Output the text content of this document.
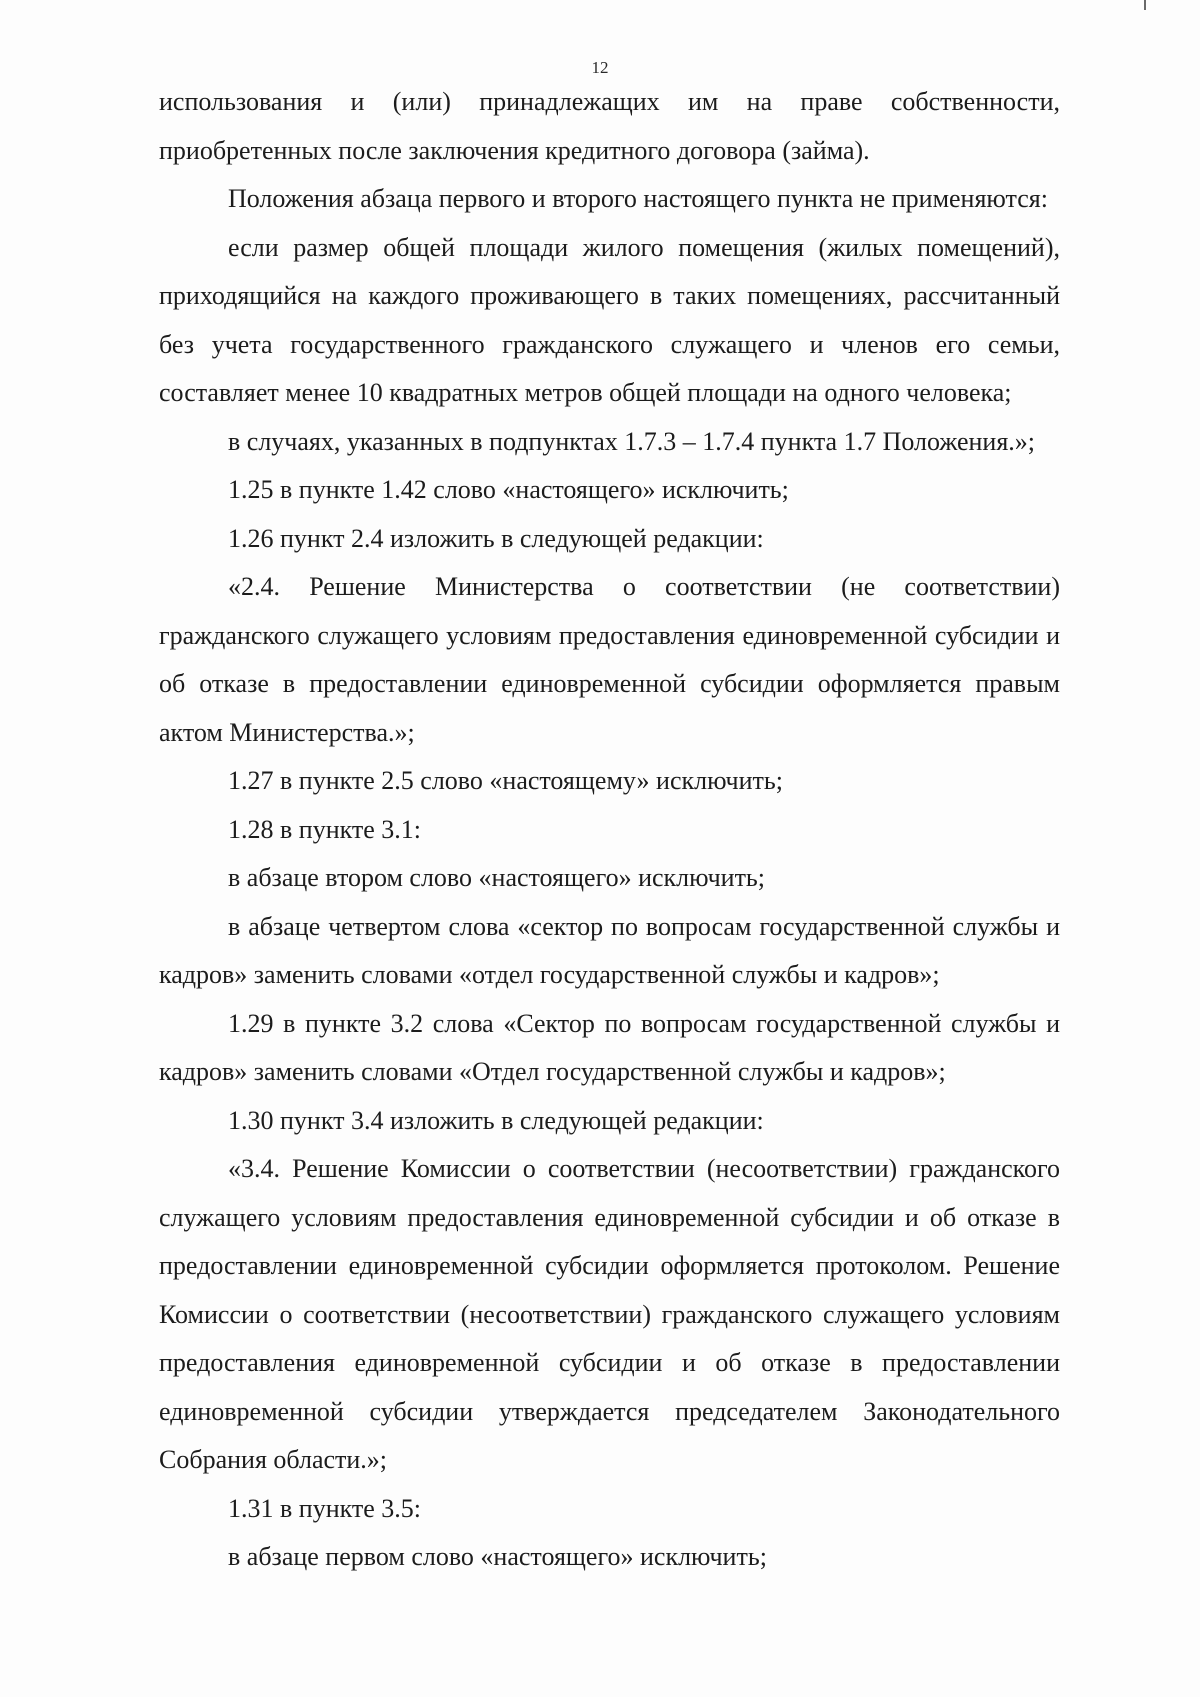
12

использования и (или) принадлежащих им на праве собственности, приобретенных после заключения кредитного договора (займа).

Положения абзаца первого и второго настоящего пункта не применяются:

если размер общей площади жилого помещения (жилых помещений), приходящийся на каждого проживающего в таких помещениях, рассчитанный без учета государственного гражданского служащего и членов его семьи, составляет менее 10 квадратных метров общей площади на одного человека;

в случаях, указанных в подпунктах 1.7.3 – 1.7.4 пункта 1.7 Положения.»;

1.25 в пункте 1.42 слово «настоящего» исключить;

1.26 пункт 2.4 изложить в следующей редакции:

«2.4. Решение Министерства о соответствии (не соответствии) гражданского служащего условиям предоставления единовременной субсидии и об отказе в предоставлении единовременной субсидии оформляется правым актом Министерства.»;

1.27 в пункте 2.5 слово «настоящему» исключить;

1.28 в пункте 3.1:

в абзаце втором слово «настоящего» исключить;

в абзаце четвертом слова «сектор по вопросам государственной службы и кадров» заменить словами «отдел государственной службы и кадров»;

1.29 в пункте 3.2 слова «Сектор по вопросам государственной службы и кадров» заменить словами «Отдел государственной службы и кадров»;

1.30 пункт 3.4 изложить в следующей редакции:

«3.4. Решение Комиссии о соответствии (несоответствии) гражданского служащего условиям предоставления единовременной субсидии и об отказе в предоставлении единовременной субсидии оформляется протоколом. Решение Комиссии о соответствии (несоответствии) гражданского служащего условиям предоставления единовременной субсидии и об отказе в предоставлении единовременной субсидии утверждается председателем Законодательного Собрания области.»;

1.31 в пункте 3.5:

в абзаце первом слово «настоящего» исключить;
